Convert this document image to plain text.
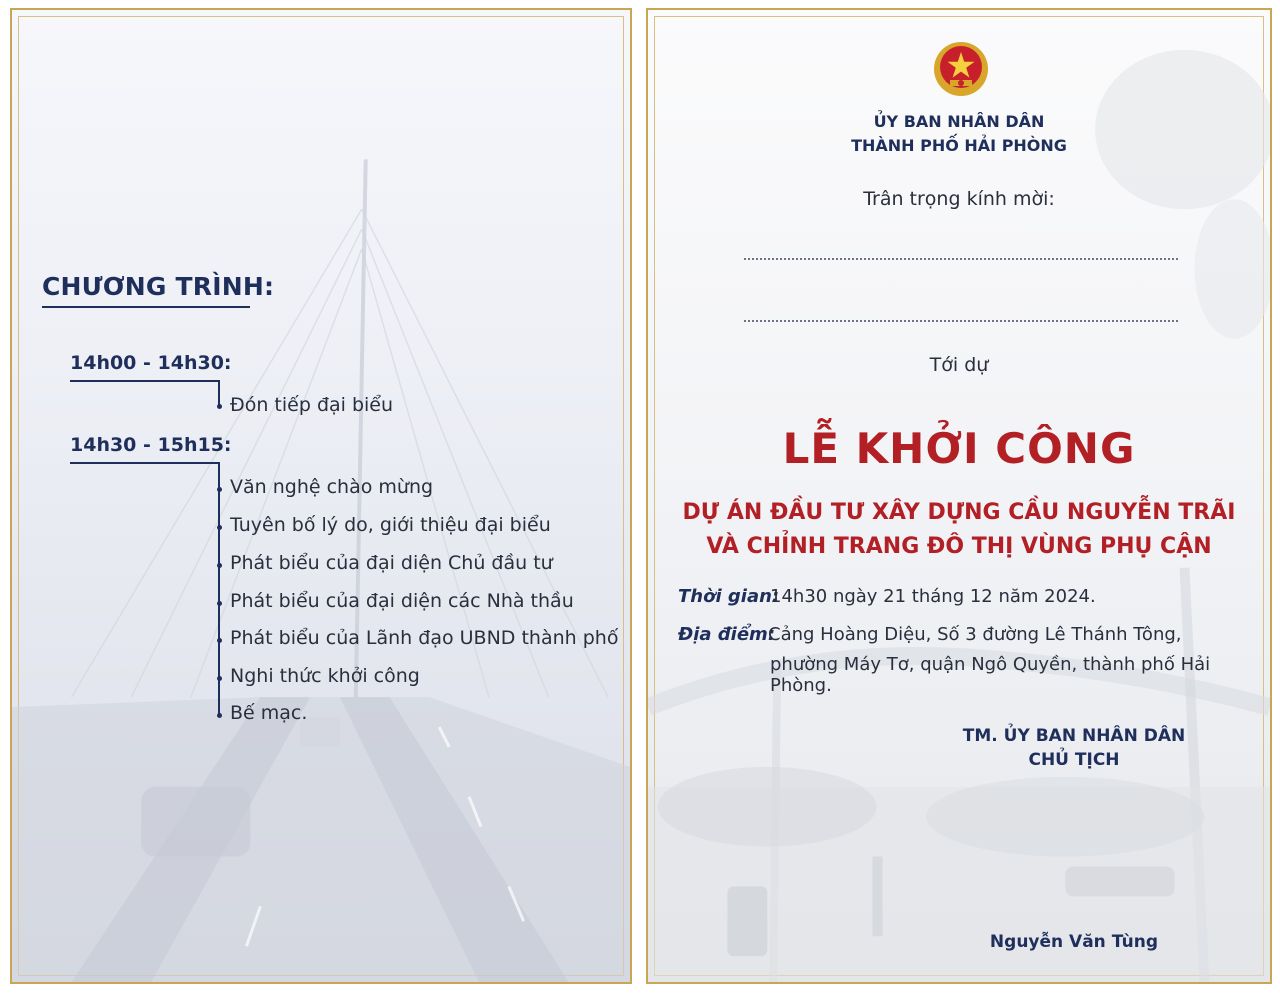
CHƯƠNG TRÌNH:
14h00 - 14h30:
Đón tiếp đại biểu
14h30 - 15h15:
Văn nghệ chào mừng
Tuyên bố lý do, giới thiệu đại biểu
Phát biểu của đại diện Chủ đầu tư
Phát biểu của đại diện các Nhà thầu
Phát biểu của Lãnh đạo UBND thành phố
Nghi thức khởi công
Bế mạc.
ỦY BAN NHÂN DÂN
THÀNH PHỐ HẢI PHÒNG
Trân trọng kính mời:
Tới dự
LỄ KHỞI CÔNG
DỰ ÁN ĐẦU TƯ XÂY DỰNG CẦU NGUYỄN TRÃI
VÀ CHỈNH TRANG ĐÔ THỊ VÙNG PHỤ CẬN
Thời gian:
14h30 ngày 21 tháng 12 năm 2024.
Địa điểm:
Cảng Hoàng Diệu, Số 3 đường Lê Thánh Tông,
phường Máy Tơ, quận Ngô Quyền, thành phố Hải Phòng.
TM. ỦY BAN NHÂN DÂN
CHỦ TỊCH
Nguyễn Văn Tùng
